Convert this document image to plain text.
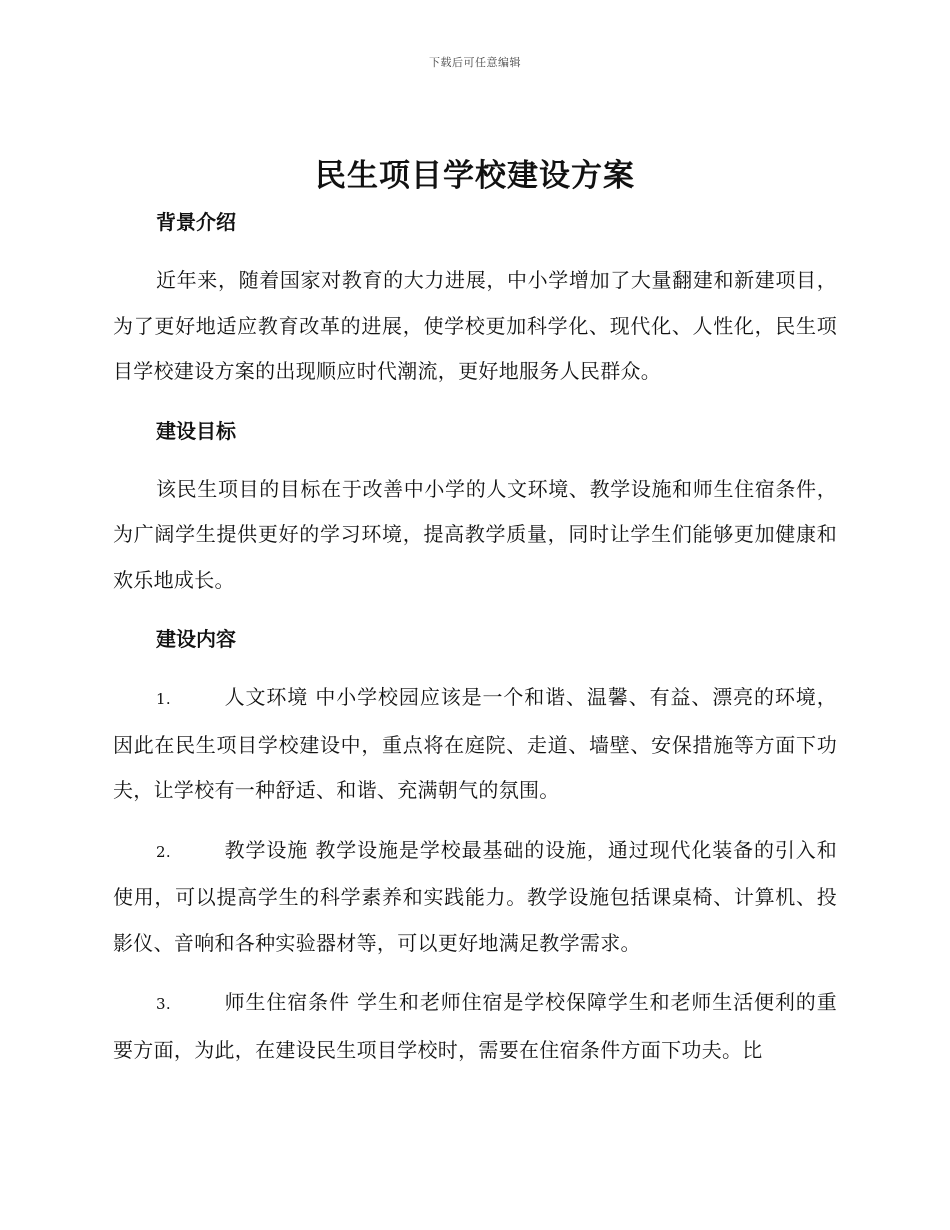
下载后可任意编辑
民生项目学校建设方案
背景介绍

近年来，随着国家对教育的大力进展，中小学增加了大量翻建和新建项目，为了更好地适应教育改革的进展，使学校更加科学化、现代化、人性化，民生项目学校建设方案的出现顺应时代潮流，更好地服务人民群众。

建设目标

该民生项目的目标在于改善中小学的人文环境、教学设施和师生住宿条件，为广阔学生提供更好的学习环境，提高教学质量，同时让学生们能够更加健康和欢乐地成长。

建设内容

1.	人文环境 中小学校园应该是一个和谐、温馨、有益、漂亮的环境，因此在民生项目学校建设中，重点将在庭院、走道、墙壁、安保措施等方面下功夫，让学校有一种舒适、和谐、充满朝气的氛围。

2.	教学设施 教学设施是学校最基础的设施，通过现代化装备的引入和使用，可以提高学生的科学素养和实践能力。教学设施包括课桌椅、计算机、投影仪、音响和各种实验器材等，可以更好地满足教学需求。

3.	师生住宿条件 学生和老师住宿是学校保障学生和老师生活便利的重要方面，为此，在建设民生项目学校时，需要在住宿条件方面下功夫。比
